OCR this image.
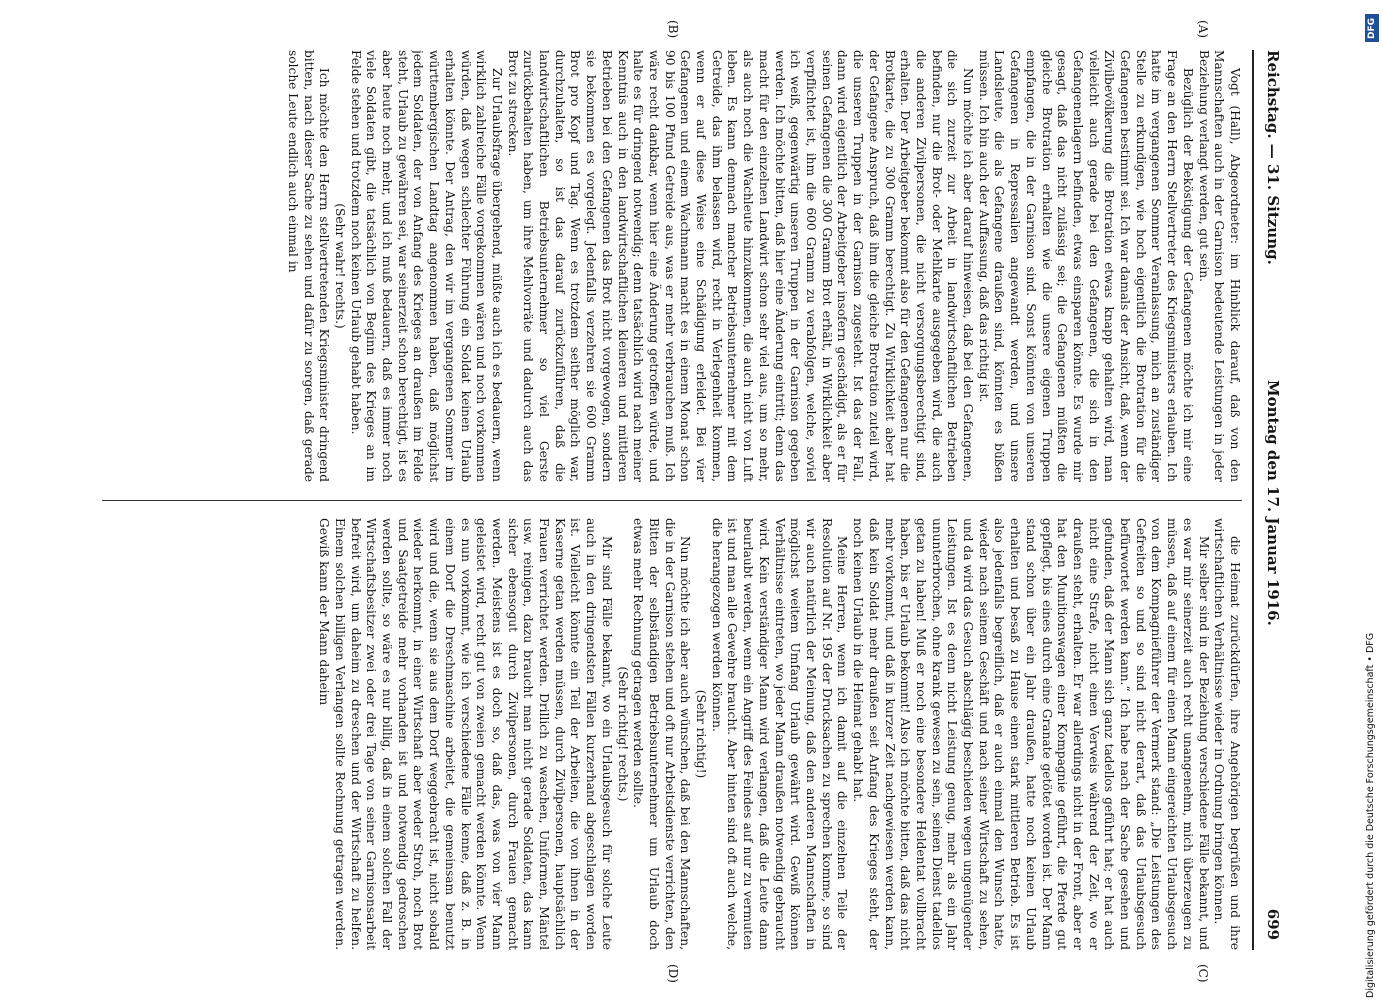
Reichstag. — 31. Sitzung.
Montag den 17. Januar 1916.
699
(A)
(B)
(C)
(D)

Vogt (Hall), Abgeordneter: im Hinblick darauf, daß von den Mannschaften auch in der Garnison bedeutende Leistungen in jeder Beziehung verlangt werden, gut sein.

Bezüglich der Beköstigung der Gefangenen möchte ich mir eine Frage an den Herrn Stellvertreter des Kriegsministers erlauben. Ich hatte im vergangenen Sommer Veranlassung, mich an zuständiger Stelle zu erkundigen, wie hoch eigentlich die Brotration für die Gefangenen bestimmt sei. Ich war damals der Ansicht, daß, wenn der Zivilbevölkerung die Brotration etwas knapp gehalten wird, man vielleicht auch gerade bei den Gefangenen, die sich in den Gefangenenlagern befinden, etwas einsparen könnte. Es wurde mir gesagt, daß das nicht zulässig sei; die Gefangenen müßten die gleiche Brotration erhalten wie die unsere eigenen Truppen empfangen, die in der Garnison sind. Sonst könnten von unseren Gefangenen in Repressalien angewandt werden, und unsere Landsleute, die als Gefangene draußen sind, könnten es büßen müssen. Ich bin auch der Auffassung, daß das richtig ist.

Nun möchte ich aber darauf hinweisen, daß bei den Gefangenen, die sich zurzeit zur Arbeit in landwirtschaftlichen Betrieben befinden, nur die Brot- oder Mehlkarte ausgegeben wird, die auch die anderen Zivilpersonen, die nicht versorgungsberechtigt sind, erhalten. Der Arbeitgeber bekommt also für den Gefangenen nur die Brotkarte, die zu 300 Gramm berechtigt. Zu Wirklichkeit aber hat der Gefangene Anspruch, daß ihm die gleiche Brotration zuteil wird, die unseren Truppen in der Garnison zugesteht. Ist das der Fall, dann wird eigentlich der Arbeitgeber insofern geschädigt, als er für seinen Gefangenen die 300 Gramm Brot erhält, in Wirklichkeit aber verpflichtet ist, ihm die 600 Gramm zu verabfolgen, welche, soviel ich weiß, gegenwärtig unseren Truppen in der Garnison gegeben werden. Ich möchte bitten, daß hier eine Änderung eintritt; denn das macht für den einzelnen Landwirt schon sehr viel aus, um so mehr, als auch noch die Wachleute hinzukommen, die auch nicht von Luft leben. Es kann demnach mancher Betriebsunternehmer mit dem Getreide, das ihm belassen wird, recht in Verlegenheit kommen, wenn er auf diese Weise eine Schädigung erleidet. Bei vier Gefangenen und einem Wachmann macht es in einem Monat schon 90 bis 100 Pfund Getreide aus, was er mehr verbrauchen muß. Ich wäre recht dankbar, wenn hier eine Änderung getroffen würde, und halte es für dringend notwendig; denn tatsächlich wird nach meiner Kenntnis auch in den landwirtschaftlichen kleineren und mittleren Betrieben bei den Gefangenen das Brot nicht vorgewogen, sondern sie bekommen es vorgelegt. Jedenfalls verzehren sie 600 Gramm Brot pro Kopf und Tag. Wenn es trotzdem seither möglich war, durchzuhalten, so ist das darauf zurückzuführen, daß die landwirtschaftlichen Betriebsunternehmer so viel Gerste zurückbehalten haben, um ihre Mehlvorräte und dadurch auch das Brot zu strecken.

Zur Urlaubsfrage übergehend, müßte auch ich es bedauern, wenn wirklich zahlreiche Fälle vorgekommen wären und noch vorkommen würden, daß wegen schlechter Führung ein Soldat keinen Urlaub erhalten könnte. Der Antrag, den wir im vergangenen Sommer im württembergischen Landtag angenommen haben, daß möglichst jedem Soldaten, der von Anfang des Krieges an draußen im Felde steht, Urlaub zu gewähren sei, war seinerzeit schon berechtigt, ist es aber heute noch mehr, und ich muß bedauern, daß es immer noch viele Soldaten gibt, die tatsächlich von Beginn des Krieges an im Felde stehen und trotzdem noch keinen Urlaub gehabt haben.

(Sehr wahr! rechts.)

Ich möchte den Herrn stellvertretenden Kriegsminister dringend bitten, nach dieser Sache zu sehen und dafür zu sorgen, daß gerade solche Leute endlich auch einmal in

die Heimat zurückdürfen, ihre Angehörigen begrüßen und ihre wirtschaftlichen Verhältnisse wieder in Ordnung bringen können.

Mir selber sind in der Beziehung verschiedene Fälle bekannt, und es war mir seinerzeit auch recht unangenehm, mich überzeugen zu müssen, daß auf einem für einen Mann eingereichten Urlaubsgesuch von dem Kompagnieführer der Vermerk stand: „Die Leistungen des Gefreiten so und so sind nicht derart, daß das Urlaubsgesuch befürwortet werden kann.“ Ich habe nach der Sache gesehen und gefunden, daß der Mann sich ganz tadellos geführt hat; er hat auch nicht eine Strafe, nicht einen Verweis während der Zeit, wo er draußen steht, erhalten. Er war allerdings nicht in der Front, aber er hat den Munitionswagen einer Kompagnie geführt, die Pferde gut gepflegt, bis eines durch eine Granate getötet worden ist. Der Mann stand schon über ein Jahr draußen, hatte noch keinen Urlaub erhalten und besaß zu Hause einen stark mittleren Betrieb. Es ist also jedenfalls begreiflich, daß er auch einmal den Wunsch hatte, wieder nach seinem Geschäft und nach seiner Wirtschaft zu sehen, und da wird das Gesuch abschlägig beschieden wegen ungenügender Leistungen. Ist es denn nicht Leistung genug, mehr als ein Jahr ununterbrochen, ohne krank gewesen zu sein, seinen Dienst tadellos getan zu haben! Muß er noch eine besondere Heldentat vollbracht haben, bis er Urlaub bekommt! Also ich möchte bitten, daß das nicht mehr vorkommt, und daß in kurzer Zeit nachgewiesen werden kann, daß kein Soldat mehr draußen seit Anfang des Krieges steht, der noch keinen Urlaub in die Heimat gehabt hat.

Meine Herren, wenn ich damit auf die einzelnen Teile der Resolution auf Nr. 195 der Drucksachen zu sprechen komme, so sind wir auch natürlich der Meinung, daß den anderen Mannschaften in möglichst weitem Umfang Urlaub gewährt wird. Gewiß können Verhältnisse eintreten, wo jeder Mann draußen notwendig gebraucht wird. Kein verständiger Mann wird verlangen, daß die Leute dann beurlaubt werden, wenn ein Angriff des Feindes auf nur zu vermuten ist und man alle Gewehre braucht. Aber hinten sind oft auch welche, die herangezogen werden können.

(Sehr richtig!)

Nun möchte ich aber auch wünschen, daß bei den Mannschaften, die in der Garnison stehen und oft nur Arbeitsdienste verrichten, den Bitten der selbständigen Betriebsunternehmer um Urlaub doch etwas mehr Rechnung getragen werden sollte.

(Sehr richtig! rechts.)

Mir sind Fälle bekannt, wo ein Urlaubsgesuch für solche Leute auch in den dringendsten Fällen kurzerhand abgeschlagen worden ist. Vielleicht könnte ein Teil der Arbeiten, die von ihnen in der Kaserne getan werden müssen, durch Zivilpersonen, hauptsächlich Frauen verrichtet werden. Drillich zu waschen, Uniformen, Mäntel usw. reinigen, dazu braucht man nicht gerade Soldaten, das kann sicher ebensogut durch Zivilpersonen, durch Frauen gemacht werden. Meistens ist es doch so, daß das, was von vier Mann geleistet wird, recht gut von zweien gemacht werden könnte. Wenn es nun vorkommt, wie ich verschiedene Fälle kenne, daß z. B. in einem Dorf die Dreschmaschine arbeitet, die gemeinsam benutzt wird und die, wenn sie aus dem Dorf weggebracht ist, nicht sobald wieder herkommt, in einer Wirtschaft aber weder Stroh, noch Brot und Saatgetreide mehr vorhanden ist und notwendig gedroschen werden sollte, so wäre es nur billig, daß in einem solchen Fall der Wirtschaftsbesitzer zwei oder drei Tage von seiner Garnisonsarbeit befreit wird, um daheim zu dreschen und der Wirtschaft zu helfen. Einem solchen billigen Verlangen sollte Rechnung getragen werden. Gewiß kann der Mann daheim

DFG
Digitalisierung gefördert durch die Deutsche Forschungsgemeinschaft • DFG
